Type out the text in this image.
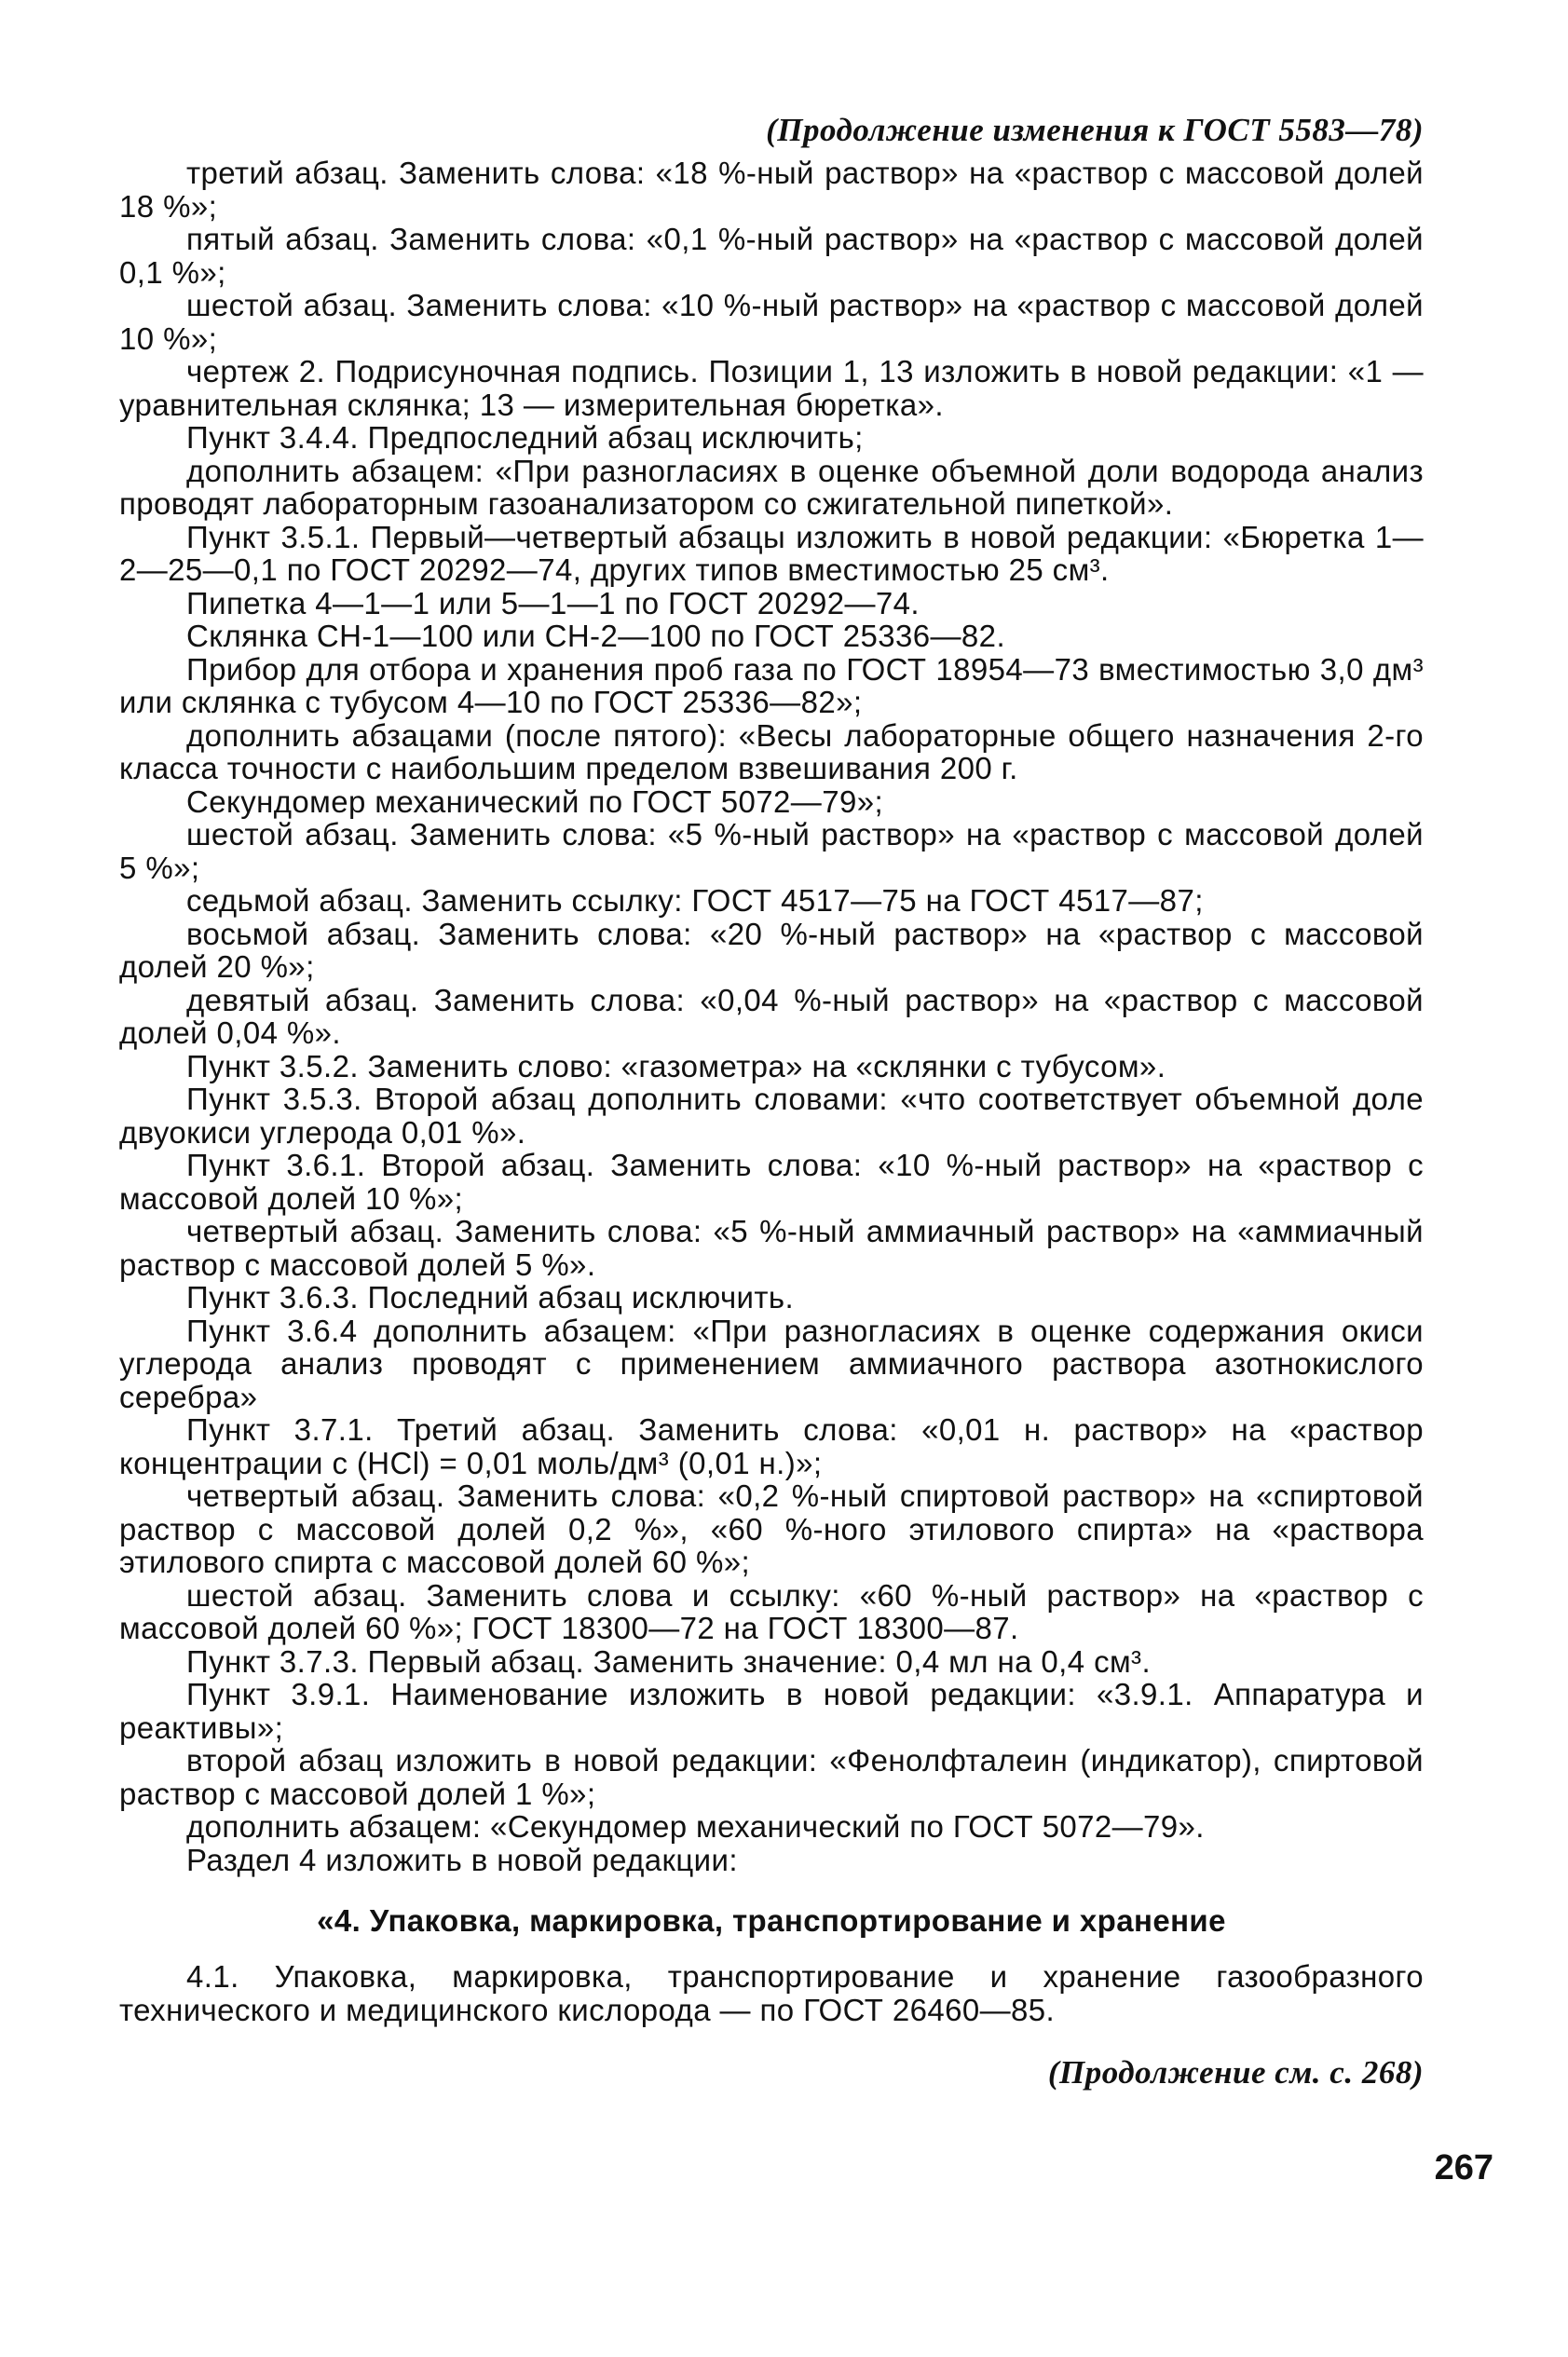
(Продолжение изменения к ГОСТ 5583—78)

третий абзац. Заменить слова: «18 %-ный раствор» на «раствор с массовой долей 18 %»;

пятый абзац. Заменить слова: «0,1 %-ный раствор» на «раствор с массовой долей 0,1 %»;

шестой абзац. Заменить слова: «10 %-ный раствор» на «раствор с массовой долей 10 %»;

чертеж 2. Подрисуночная подпись. Позиции 1, 13 изложить в новой редакции: «1 — уравнительная склянка; 13 — измерительная бюретка».

Пункт 3.4.4. Предпоследний абзац исключить;

дополнить абзацем: «При разногласиях в оценке объемной доли водорода анализ проводят лабораторным газоанализатором со сжигательной пипеткой».

Пункт 3.5.1. Первый—четвертый абзацы изложить в новой редакции: «Бюретка 1—2—25—0,1 по ГОСТ 20292—74, других типов вместимостью 25 см³.

Пипетка 4—1—1 или 5—1—1 по ГОСТ 20292—74.

Склянка СН-1—100 или СН-2—100 по ГОСТ 25336—82.

Прибор для отбора и хранения проб газа по ГОСТ 18954—73 вместимостью 3,0 дм³ или склянка с тубусом 4—10 по ГОСТ 25336—82»;

дополнить абзацами (после пятого): «Весы лабораторные общего назначения 2-го класса точности с наибольшим пределом взвешивания 200 г.

Секундомер механический по ГОСТ 5072—79»;

шестой абзац. Заменить слова: «5 %-ный раствор» на «раствор с массовой долей 5 %»;

седьмой абзац. Заменить ссылку: ГОСТ 4517—75 на ГОСТ 4517—87;

восьмой абзац. Заменить слова: «20 %-ный раствор» на «раствор с массовой долей 20 %»;

девятый абзац. Заменить слова: «0,04 %-ный раствор» на «раствор с массовой долей 0,04 %».

Пункт 3.5.2. Заменить слово: «газометра» на «склянки с тубусом».

Пункт 3.5.3. Второй абзац дополнить словами: «что соответствует объемной доле двуокиси углерода 0,01 %».

Пункт 3.6.1. Второй абзац. Заменить слова: «10 %-ный раствор» на «раствор с массовой долей 10 %»;

четвертый абзац. Заменить слова: «5 %-ный аммиачный раствор» на «аммиачный раствор с массовой долей 5 %».

Пункт 3.6.3. Последний абзац исключить.

Пункт 3.6.4 дополнить абзацем: «При разногласиях в оценке содержания окиси углерода анализ проводят с применением аммиачного раствора азотнокислого серебра»

Пункт 3.7.1. Третий абзац. Заменить слова: «0,01 н. раствор» на «раствор концентрации с (HCl) = 0,01 моль/дм³ (0,01 н.)»;

четвертый абзац. Заменить слова: «0,2 %-ный спиртовой раствор» на «спиртовой раствор с массовой долей 0,2 %», «60 %-ного этилового спирта» на «раствора этилового спирта с массовой долей 60 %»;

шестой абзац. Заменить слова и ссылку: «60 %-ный раствор» на «раствор с массовой долей 60 %»; ГОСТ 18300—72 на ГОСТ 18300—87.

Пункт 3.7.3. Первый абзац. Заменить значение: 0,4 мл на 0,4 см³.

Пункт 3.9.1. Наименование изложить в новой редакции: «3.9.1. Аппаратура и реактивы»;

второй абзац изложить в новой редакции: «Фенолфталеин (индикатор), спиртовой раствор с массовой долей 1 %»;

дополнить абзацем: «Секундомер механический по ГОСТ 5072—79».

Раздел 4 изложить в новой редакции:

«4. Упаковка, маркировка, транспортирование и хранение

4.1. Упаковка, маркировка, транспортирование и хранение газообразного технического и медицинского кислорода — по ГОСТ 26460—85.

(Продолжение см. с. 268)
267
